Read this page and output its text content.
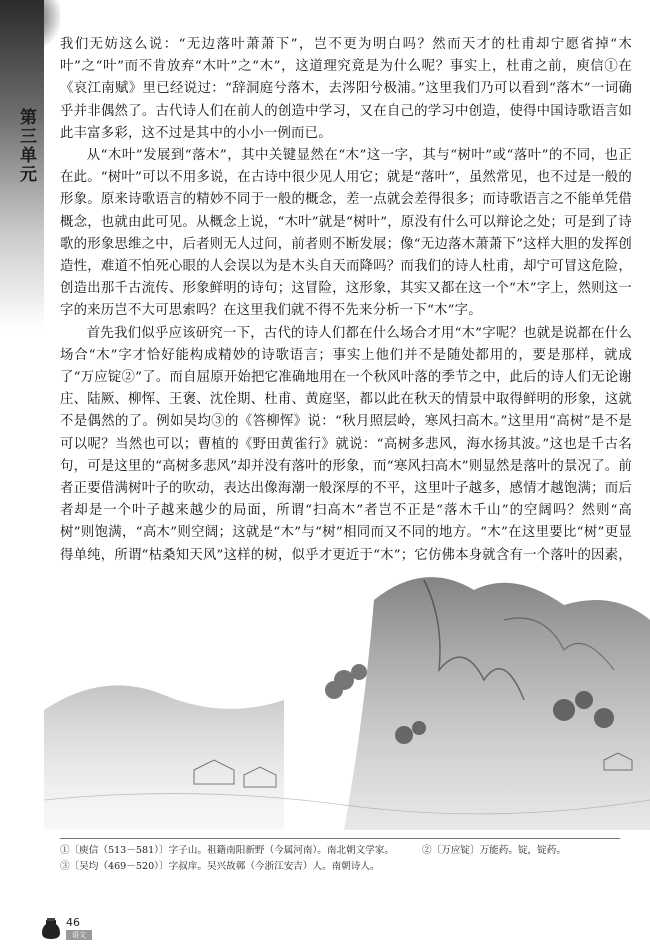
第三单元

我们无妨这么说：“无边落叶萧萧下”，岂不更为明白吗？然而天才的杜甫却宁愿省掉“木叶”之“叶”而不肯放弃“木叶”之“木”，这道理究竟是为什么呢？事实上，杜甫之前，庾信①在《哀江南赋》里已经说过：“辞洞庭兮落木，去涔阳兮极浦。”这里我们乃可以看到“落木”一词确乎并非偶然了。古代诗人们在前人的创造中学习，又在自己的学习中创造，使得中国诗歌语言如此丰富多彩，这不过是其中的小小一例而已。

从“木叶”发展到“落木”，其中关键显然在“木”这一字，其与“树叶”或“落叶”的不同，也正在此。“树叶”可以不用多说，在古诗中很少见人用它；就是“落叶”，虽然常见，也不过是一般的形象。原来诗歌语言的精妙不同于一般的概念，差一点就会差得很多；而诗歌语言之不能单凭借概念，也就由此可见。从概念上说，“木叶”就是“树叶”，原没有什么可以辩论之处；可是到了诗歌的形象思维之中，后者则无人过问，前者则不断发展；像“无边落木萧萧下”这样大胆的发挥创造性，难道不怕死心眼的人会误以为是木头自天而降吗？而我们的诗人杜甫，却宁可冒这危险，创造出那千古流传、形象鲜明的诗句；这冒险，这形象，其实又都在这一个“木”字上，然则这一字的来历岂不大可思索吗？在这里我们就不得不先来分析一下“木”字。

首先我们似乎应该研究一下，古代的诗人们都在什么场合才用“木”字呢？也就是说都在什么场合“木”字才恰好能构成精妙的诗歌语言；事实上他们并不是随处都用的，要是那样，就成了“万应锭②”了。而自屈原开始把它准确地用在一个秋风叶落的季节之中，此后的诗人们无论谢庄、陆厥、柳恽、王褒、沈佺期、杜甫、黄庭坚，都以此在秋天的情景中取得鲜明的形象，这就不是偶然的了。例如吴均③的《答柳恽》说：“秋月照层岭，寒风扫高木。”这里用“高树”是不是可以呢？当然也可以；曹植的《野田黄雀行》就说：“高树多悲风，海水扬其波。”这也是千古名句，可是这里的“高树多悲风”却并没有落叶的形象，而“寒风扫高木”则显然是落叶的景况了。前者正要借满树叶子的吹动，表达出像海潮一般深厚的不平，这里叶子越多，感情才越饱满；而后者却是一个叶子越来越少的局面，所谓“扫高木”者岂不正是“落木千山”的空阔吗？然则“高树”则饱满，“高木”则空阔；这就是“木”与“树”相同而又不同的地方。“木”在这里要比“树”更显得单纯，所谓“枯桑知天风”这样的树，似乎才更近于“木”；它仿佛本身就含有一个落叶的因素，

①〔庾信（513－581）〕字子山。祖籍南阳新野（今属河南）。南北朝文学家。	②〔万应锭〕万能药。锭，锭药。
③〔吴均（469－520）〕字叔庠。吴兴故鄣（今浙江安吉）人。南朝诗人。
46
语文
